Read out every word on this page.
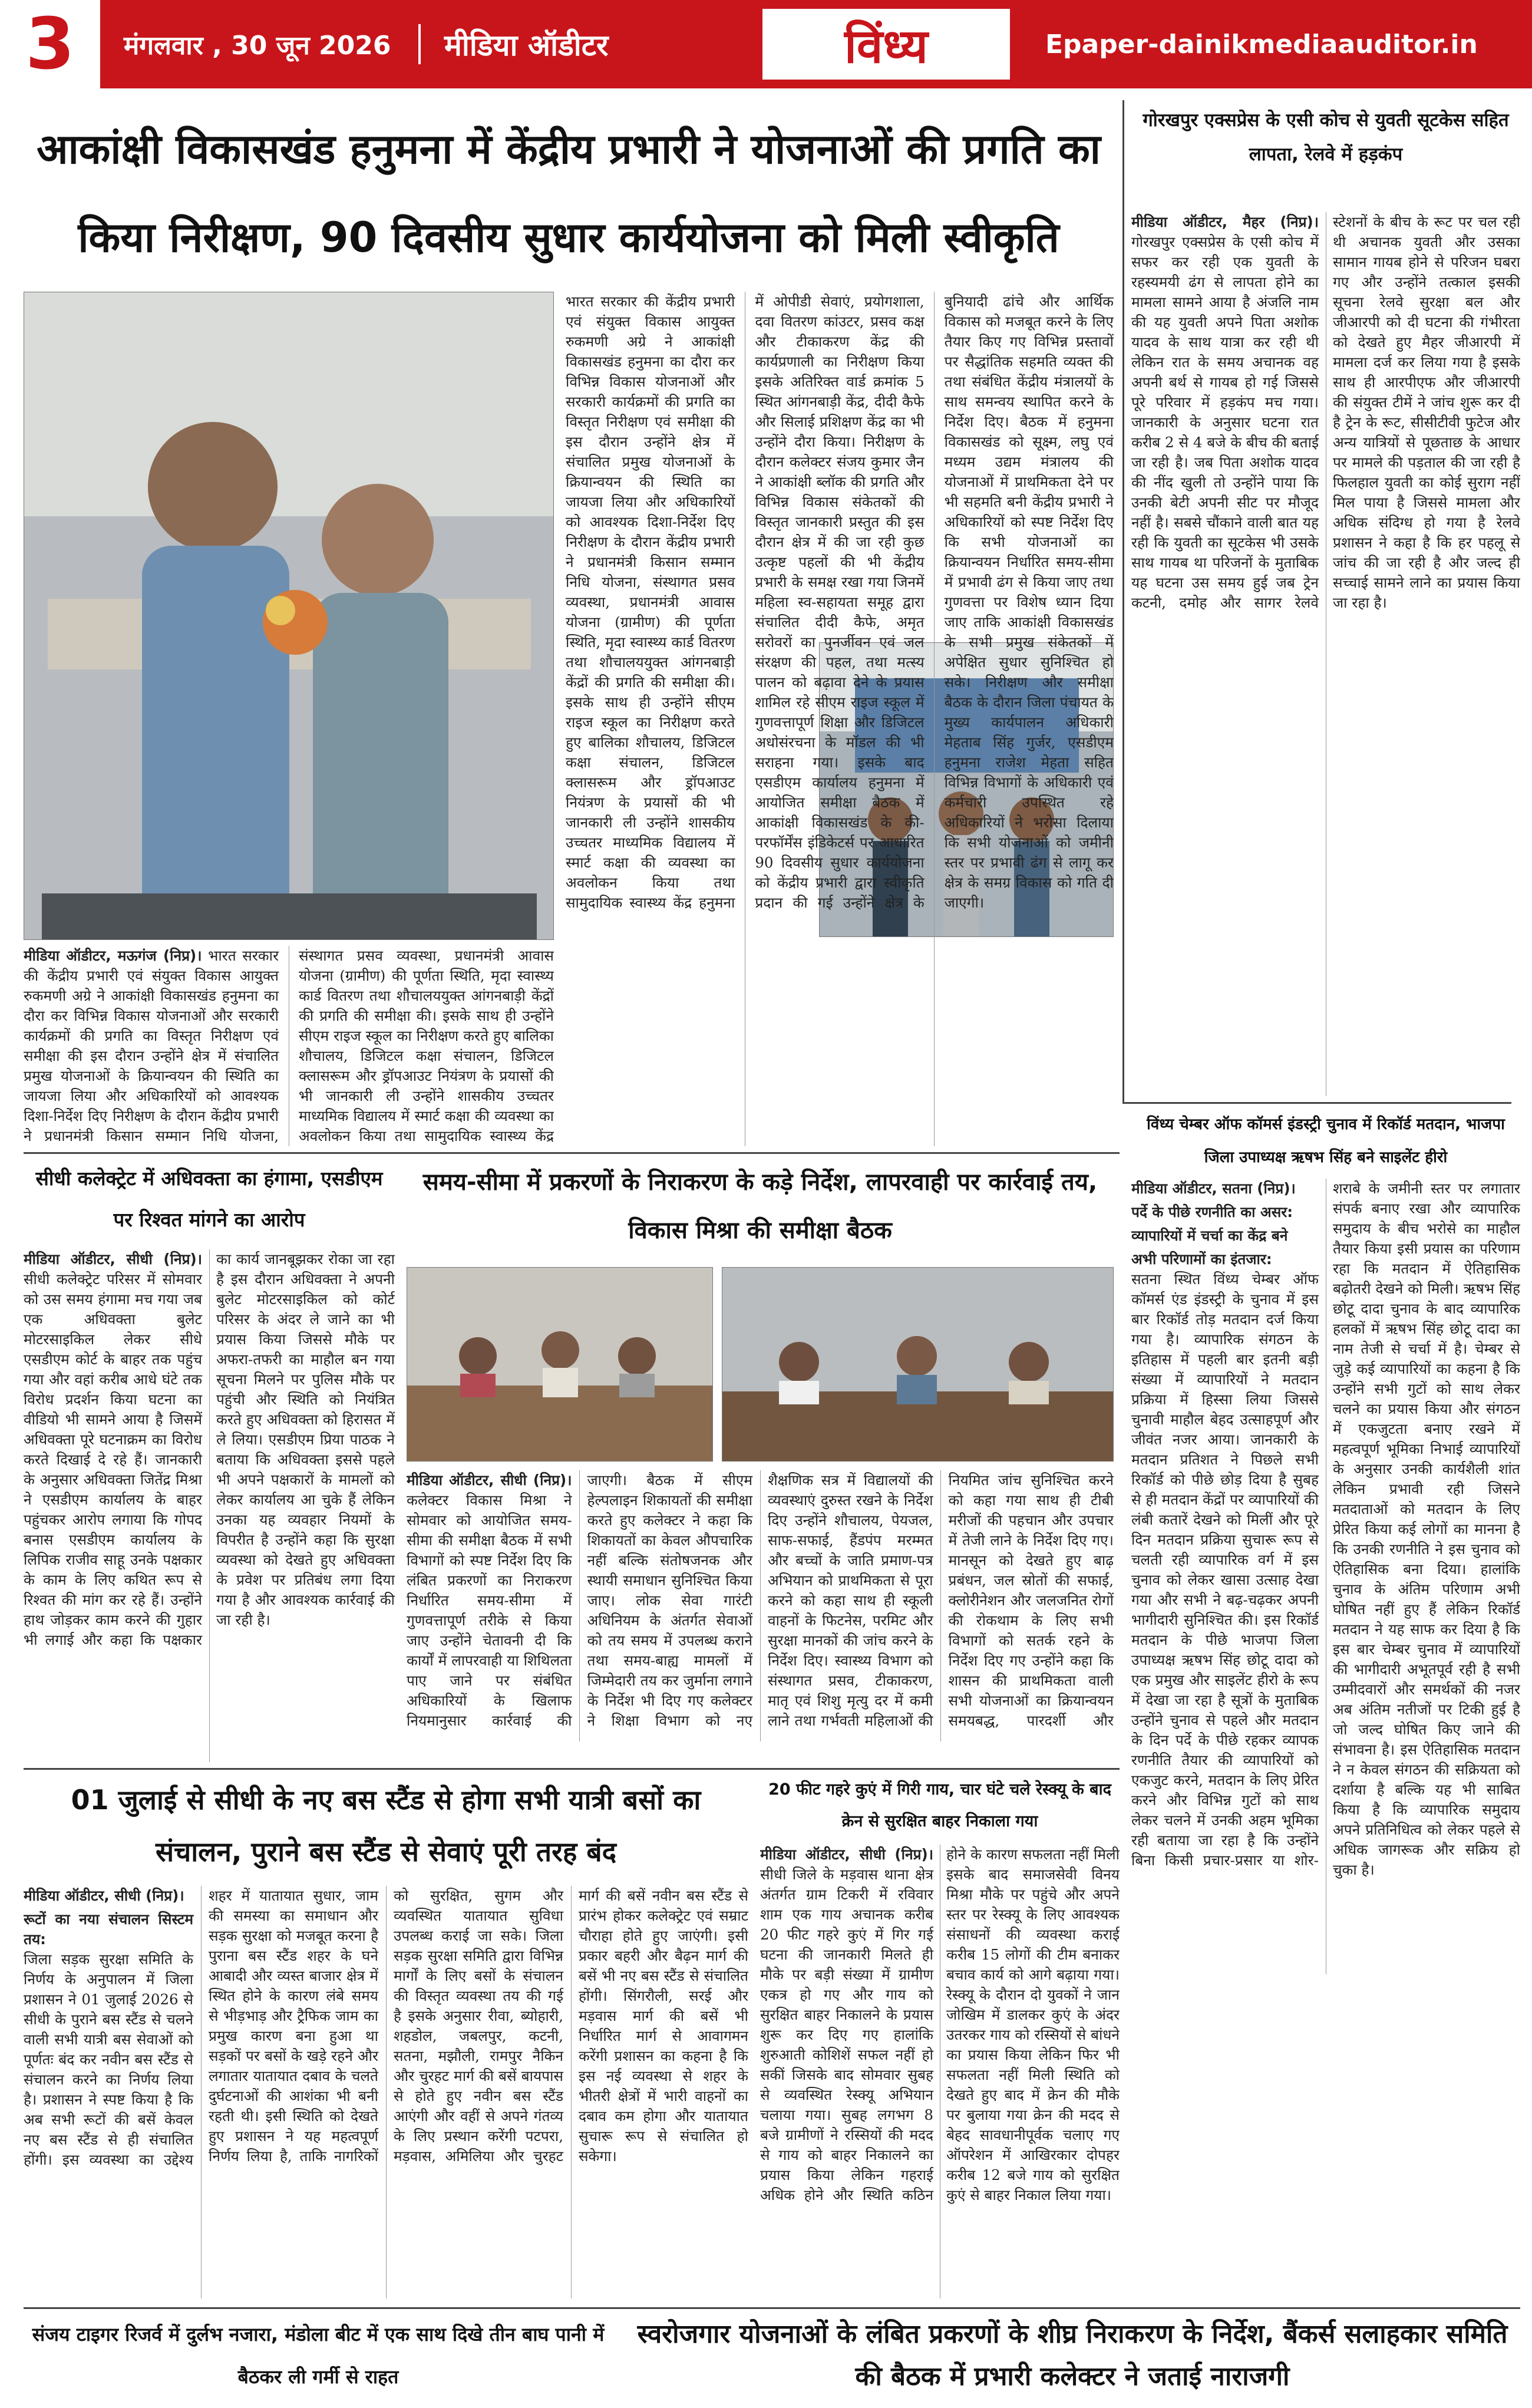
3	मंगलवार , 30 जून 2026	मीडिया ऑडीटर	विंध्य	Epaper-dainikmediaauditor.in
आकांक्षी विकासखंड हनुमना में केंद्रीय प्रभारी ने योजनाओं की प्रगति का किया निरीक्षण, 90 दिवसीय सुधार कार्ययोजना को मिली स्वीकृति
मीडिया ऑडीटर, मऊगंज (निप्र)। भारत सरकार की केंद्रीय प्रभारी एवं संयुक्त विकास आयुक्त रुकमणी अग्रे ने आकांक्षी विकासखंड हनुमना का दौरा कर विभिन्न विकास योजनाओं और सरकारी कार्यक्रमों की प्रगति का विस्तृत निरीक्षण एवं समीक्षा की इस दौरान उन्होंने क्षेत्र में संचालित प्रमुख योजनाओं के क्रियान्वयन की स्थिति का जायजा लिया और अधिकारियों को आवश्यक दिशा-निर्देश दिए निरीक्षण के दौरान केंद्रीय प्रभारी ने प्रधानमंत्री किसान सम्मान निधि योजना, संस्थागत प्रसव व्यवस्था, प्रधानमंत्री आवास योजना (ग्रामीण) की पूर्णता स्थिति, मृदा स्वास्थ्य कार्ड वितरण तथा शौचालययुक्त आंगनबाड़ी केंद्रों की प्रगति की समीक्षा की। इसके साथ ही उन्होंने सीएम राइज स्कूल का निरीक्षण करते हुए बालिका शौचालय, डिजिटल कक्षा संचालन, डिजिटल क्लासरूम और ड्रॉपआउट नियंत्रण के प्रयासों की भी जानकारी ली उन्होंने शासकीय उच्चतर माध्यमिक विद्यालय में स्मार्ट कक्षा की व्यवस्था का अवलोकन किया तथा सामुदायिक स्वास्थ्य केंद्र
भारत सरकार की केंद्रीय प्रभारी एवं संयुक्त विकास आयुक्त रुकमणी अग्रे ने आकांक्षी विकासखंड हनुमना का दौरा कर विभिन्न विकास योजनाओं और सरकारी कार्यक्रमों की प्रगति का विस्तृत निरीक्षण एवं समीक्षा की इस दौरान उन्होंने क्षेत्र में संचालित प्रमुख योजनाओं के क्रियान्वयन की स्थिति का जायजा लिया और अधिकारियों को आवश्यक दिशा-निर्देश दिए निरीक्षण के दौरान केंद्रीय प्रभारी ने प्रधानमंत्री किसान सम्मान निधि योजना, संस्थागत प्रसव व्यवस्था, प्रधानमंत्री आवास योजना (ग्रामीण) की पूर्णता स्थिति, मृदा स्वास्थ्य कार्ड वितरण तथा शौचालययुक्त आंगनबाड़ी केंद्रों की प्रगति की समीक्षा की। इसके साथ ही उन्होंने सीएम राइज स्कूल का निरीक्षण करते हुए बालिका शौचालय, डिजिटल कक्षा संचालन, डिजिटल क्लासरूम और ड्रॉपआउट नियंत्रण के प्रयासों की भी जानकारी ली उन्होंने शासकीय उच्चतर माध्यमिक विद्यालय में स्मार्ट कक्षा की व्यवस्था का अवलोकन किया तथा सामुदायिक स्वास्थ्य केंद्र हनुमना में ओपीडी सेवाएं, प्रयोगशाला, दवा वितरण कांउटर, प्रसव कक्ष और टीकाकरण केंद्र की कार्यप्रणाली का निरीक्षण किया इसके अतिरिक्त वार्ड क्रमांक 5 स्थित आंगनबाड़ी केंद्र, दीदी कैफे और सिलाई प्रशिक्षण केंद्र का भी उन्होंने दौरा किया। निरीक्षण के दौरान कलेक्टर संजय कुमार जैन ने आकांक्षी ब्लॉक की प्रगति और विभिन्न विकास संकेतकों की विस्तृत जानकारी प्रस्तुत की इस दौरान क्षेत्र में की जा रही कुछ उत्कृष्ट पहलों की भी केंद्रीय प्रभारी के समक्ष रखा गया जिनमें महिला स्व-सहायता समूह द्वारा संचालित दीदी कैफे, अमृत सरोवरों का पुनर्जीवन एवं जल संरक्षण की पहल, तथा मत्स्य पालन को बढ़ावा देने के प्रयास शामिल रहे सीएम राइज स्कूल में गुणवत्तापूर्ण शिक्षा और डिजिटल अधोसंरचना के मॉडल की भी सराहना गया। इसके बाद एसडीएम कार्यालय हनुमना में आयोजित समीक्षा बैठक में आकांक्षी विकासखंड के की-परफॉर्मेंस इंडिकेटर्स पर आधारित 90 दिवसीय सुधार कार्ययोजना को केंद्रीय प्रभारी द्वारा स्वीकृति प्रदान की गई उन्होंने क्षेत्र के बुनियादी ढांचे और आर्थिक विकास को मजबूत करने के लिए तैयार किए गए विभिन्न प्रस्तावों पर सैद्धांतिक सहमति व्यक्त की तथा संबंधित केंद्रीय मंत्रालयों के साथ समन्वय स्थापित करने के निर्देश दिए। बैठक में हनुमना विकासखंड को सूक्ष्म, लघु एवं मध्यम उद्यम मंत्रालय की योजनाओं में प्राथमिकता देने पर भी सहमति बनी केंद्रीय प्रभारी ने अधिकारियों को स्पष्ट निर्देश दिए कि सभी योजनाओं का क्रियान्वयन निर्धारित समय-सीमा में प्रभावी ढंग से किया जाए तथा गुणवत्ता पर विशेष ध्यान दिया जाए ताकि आकांक्षी विकासखंड के सभी प्रमुख संकेतकों में अपेक्षित सुधार सुनिश्चित हो सके। निरीक्षण और समीक्षा बैठक के दौरान जिला पंचायत के मुख्य कार्यपालन अधिकारी मेहताब सिंह गुर्जर, एसडीएम हनुमना राजेश मेहता सहित विभिन्न विभागों के अधिकारी एवं कर्मचारी उपस्थित रहे अधिकारियों ने भरोसा दिलाया कि सभी योजनाओं को जमीनी स्तर पर प्रभावी ढंग से लागू कर क्षेत्र के समग्र विकास को गति दी जाएगी।
गोरखपुर एक्सप्रेस के एसी कोच से युवती सूटकेस सहित लापता, रेलवे में हड़कंप
मीडिया ऑडीटर, मैहर (निप्र)। गोरखपुर एक्सप्रेस के एसी कोच में सफर कर रही एक युवती के रहस्यमयी ढंग से लापता होने का मामला सामने आया है अंजलि नाम की यह युवती अपने पिता अशोक यादव के साथ यात्रा कर रही थी लेकिन रात के समय अचानक वह अपनी बर्थ से गायब हो गई जिससे पूरे परिवार में हड़कंप मच गया। जानकारी के अनुसार घटना रात करीब 2 से 4 बजे के बीच की बताई जा रही है। जब पिता अशोक यादव की नींद खुली तो उन्होंने पाया कि उनकी बेटी अपनी सीट पर मौजूद नहीं है। सबसे चौंकाने वाली बात यह रही कि युवती का सूटकेस भी उसके साथ गायब था परिजनों के मुताबिक यह घटना उस समय हुई जब ट्रेन कटनी, दमोह और सागर रेलवे स्टेशनों के बीच के रूट पर चल रही थी अचानक युवती और उसका सामान गायब होने से परिजन घबरा गए और उन्होंने तत्काल इसकी सूचना रेलवे सुरक्षा बल और जीआरपी को दी घटना की गंभीरता को देखते हुए मैहर जीआरपी में मामला दर्ज कर लिया गया है इसके साथ ही आरपीएफ और जीआरपी की संयुक्त टीमें ने जांच शुरू कर दी है ट्रेन के रूट, सीसीटीवी फुटेज और अन्य यात्रियों से पूछताछ के आधार पर मामले की पड़ताल की जा रही है फिलहाल युवती का कोई सुराग नहीं मिल पाया है जिससे मामला और अधिक संदिग्ध हो गया है रेलवे प्रशासन ने कहा है कि हर पहलू से जांच की जा रही है और जल्द ही सच्चाई सामने लाने का प्रयास किया जा रहा है।
सीधी कलेक्ट्रेट में अधिवक्ता का हंगामा, एसडीएम पर रिश्वत मांगने का आरोप
मीडिया ऑडीटर, सीधी (निप्र)। सीधी कलेक्ट्रेट परिसर में सोमवार को उस समय हंगामा मच गया जब एक अधिवक्ता बुलेट मोटरसाइकिल लेकर सीधे एसडीएम कोर्ट के बाहर तक पहुंच गया और वहां करीब आधे घंटे तक विरोध प्रदर्शन किया घटना का वीडियो भी सामने आया है जिसमें अधिवक्ता पूरे घटनाक्रम का विरोध करते दिखाई दे रहे हैं। जानकारी के अनुसार अधिवक्ता जितेंद्र मिश्रा ने एसडीएम कार्यालय के बाहर पहुंचकर आरोप लगाया कि गोपद बनास एसडीएम कार्यालय के लिपिक राजीव साहू उनके पक्षकार के काम के लिए कथित रूप से रिश्वत की मांग कर रहे हैं। उन्होंने हाथ जोड़कर काम करने की गुहार भी लगाई और कहा कि पक्षकार का कार्य जानबूझकर रोका जा रहा है इस दौरान अधिवक्ता ने अपनी बुलेट मोटरसाइकिल को कोर्ट परिसर के अंदर ले जाने का भी प्रयास किया जिससे मौके पर अफरा-तफरी का माहौल बन गया सूचना मिलने पर पुलिस मौके पर पहुंची और स्थिति को नियंत्रित करते हुए अधिवक्ता को हिरासत में ले लिया। एसडीएम प्रिया पाठक ने बताया कि अधिवक्ता इससे पहले भी अपने पक्षकारों के मामलों को लेकर कार्यालय आ चुके हैं लेकिन उनका यह व्यवहार नियमों के विपरीत है उन्होंने कहा कि सुरक्षा व्यवस्था को देखते हुए अधिवक्ता के प्रवेश पर प्रतिबंध लगा दिया गया है और आवश्यक कार्रवाई की जा रही है।
समय-सीमा में प्रकरणों के निराकरण के कड़े निर्देश, लापरवाही पर कार्रवाई तय, विकास मिश्रा की समीक्षा बैठक
मीडिया ऑडीटर, सीधी (निप्र)। कलेक्टर विकास मिश्रा ने सोमवार को आयोजित समय-सीमा की समीक्षा बैठक में सभी विभागों को स्पष्ट निर्देश दिए कि लंबित प्रकरणों का निराकरण निर्धारित समय-सीमा में गुणवत्तापूर्ण तरीके से किया जाए उन्होंने चेतावनी दी कि कार्यों में लापरवाही या शिथिलता पाए जाने पर संबंधित अधिकारियों के खिलाफ नियमानुसार कार्रवाई की जाएगी। बैठक में सीएम हेल्पलाइन शिकायतों की समीक्षा करते हुए कलेक्टर ने कहा कि शिकायतों का केवल औपचारिक नहीं बल्कि संतोषजनक और स्थायी समाधान सुनिश्चित किया जाए। लोक सेवा गारंटी अधिनियम के अंतर्गत सेवाओं को तय समय में उपलब्ध कराने तथा समय-बाह्य मामलों में जिम्मेदारी तय कर जुर्माना लगाने के निर्देश भी दिए गए कलेक्टर ने शिक्षा विभाग को नए शैक्षणिक सत्र में विद्यालयों की व्यवस्थाएं दुरुस्त रखने के निर्देश दिए उन्होंने शौचालय, पेयजल, साफ-सफाई, हैंडपंप मरम्मत और बच्चों के जाति प्रमाण-पत्र अभियान को प्राथमिकता से पूरा करने को कहा साथ ही स्कूली वाहनों के फिटनेस, परमिट और सुरक्षा मानकों की जांच करने के निर्देश दिए। स्वास्थ्य विभाग को संस्थागत प्रसव, टीकाकरण, मातृ एवं शिशु मृत्यु दर में कमी लाने तथा गर्भवती महिलाओं की नियमित जांच सुनिश्चित करने को कहा गया साथ ही टीबी मरीजों की पहचान और उपचार में तेजी लाने के निर्देश दिए गए। मानसून को देखते हुए बाढ़ प्रबंधन, जल स्रोतों की सफाई, क्लोरीनेशन और जलजनित रोगों की रोकथाम के लिए सभी विभागों को सतर्क रहने के निर्देश दिए गए उन्होंने कहा कि शासन की प्राथमिकता वाली सभी योजनाओं का क्रियान्वयन समयबद्ध, पारदर्शी और
विंध्य चेम्बर ऑफ कॉमर्स इंडस्ट्री चुनाव में रिकॉर्ड मतदान, भाजपा जिला उपाध्यक्ष ऋषभ सिंह बने साइलेंट हीरो
मीडिया ऑडीटर, सतना (निप्र)।
पर्दे के पीछे रणनीति का असर:
व्यापारियों में चर्चा का केंद्र बने
अभी परिणामों का इंतजार:
सतना स्थित विंध्य चेम्बर ऑफ कॉमर्स एंड इंडस्ट्री के चुनाव में इस बार रिकॉर्ड तोड़ मतदान दर्ज किया गया है। व्यापारिक संगठन के इतिहास में पहली बार इतनी बड़ी संख्या में व्यापारियों ने मतदान प्रक्रिया में हिस्सा लिया जिससे चुनावी माहौल बेहद उत्साहपूर्ण और जीवंत नजर आया। जानकारी के मतदान प्रतिशत ने पिछले सभी रिकॉर्ड को पीछे छोड़ दिया है सुबह से ही मतदान केंद्रों पर व्यापारियों की लंबी कतारें देखने को मिलीं और पूरे दिन मतदान प्रक्रिया सुचारू रूप से चलती रही व्यापारिक वर्ग में इस चुनाव को लेकर खासा उत्साह देखा गया और सभी ने बढ़-चढ़कर अपनी भागीदारी सुनिश्चित की। इस रिकॉर्ड मतदान के पीछे भाजपा जिला उपाध्यक्ष ऋषभ सिंह छोटू दादा को एक प्रमुख और साइलेंट हीरो के रूप में देखा जा रहा है सूत्रों के मुताबिक उन्होंने चुनाव से पहले और मतदान के दिन पर्दे के पीछे रहकर व्यापक रणनीति तैयार की व्यापारियों को एकजुट करने, मतदान के लिए प्रेरित करने और विभिन्न गुटों को साथ लेकर चलने में उनकी अहम भूमिका रही बताया जा रहा है कि उन्होंने बिना किसी प्रचार-प्रसार या शोर-शराबे के जमीनी स्तर पर लगातार संपर्क बनाए रखा और व्यापारिक समुदाय के बीच भरोसे का माहौल तैयार किया इसी प्रयास का परिणाम रहा कि मतदान में ऐतिहासिक बढ़ोतरी देखने को मिली। ऋषभ सिंह छोटू दादा चुनाव के बाद व्यापारिक हलकों में ऋषभ सिंह छोटू दादा का नाम तेजी से चर्चा में है। चेम्बर से जुड़े कई व्यापारियों का कहना है कि उन्होंने सभी गुटों को साथ लेकर चलने का प्रयास किया और संगठन में एकजुटता बनाए रखने में महत्वपूर्ण भूमिका निभाई व्यापारियों के अनुसार उनकी कार्यशैली शांत लेकिन प्रभावी रही जिसने मतदाताओं को मतदान के लिए प्रेरित किया कई लोगों का मानना है कि उनकी रणनीति ने इस चुनाव को ऐतिहासिक बना दिया। हालांकि चुनाव के अंतिम परिणाम अभी घोषित नहीं हुए हैं लेकिन रिकॉर्ड मतदान ने यह साफ कर दिया है कि इस बार चेम्बर चुनाव में व्यापारियों की भागीदारी अभूतपूर्व रही है सभी उम्मीदवारों और समर्थकों की नजर अब अंतिम नतीजों पर टिकी हुई है जो जल्द घोषित किए जाने की संभावना है। इस ऐतिहासिक मतदान ने न केवल संगठन की सक्रियता को दर्शाया है बल्कि यह भी साबित किया है कि व्यापारिक समुदाय अपने प्रतिनिधित्व को लेकर पहले से अधिक जागरूक और सक्रिय हो चुका है।
01 जुलाई से सीधी के नए बस स्टैंड से होगा सभी यात्री बसों का संचालन, पुराने बस स्टैंड से सेवाएं पूरी तरह बंद
मीडिया ऑडीटर, सीधी (निप्र)।
रूटों का नया संचालन सिस्टम तय:
जिला सड़क सुरक्षा समिति के निर्णय के अनुपालन में जिला प्रशासन ने 01 जुलाई 2026 से सीधी के पुराने बस स्टैंड से चलने वाली सभी यात्री बस सेवाओं को पूर्णतः बंद कर नवीन बस स्टैंड से संचालन करने का निर्णय लिया है। प्रशासन ने स्पष्ट किया है कि अब सभी रूटों की बसें केवल नए बस स्टैंड से ही संचालित होंगी। इस व्यवस्था का उद्देश्य शहर में यातायात सुधार, जाम की समस्या का समाधान और सड़क सुरक्षा को मजबूत करना है पुराना बस स्टैंड शहर के घने आबादी और व्यस्त बाजार क्षेत्र में स्थित होने के कारण लंबे समय से भीड़भाड़ और ट्रैफिक जाम का प्रमुख कारण बना हुआ था सड़कों पर बसों के खड़े रहने और लगातार यातायात दबाव के चलते दुर्घटनाओं की आशंका भी बनी रहती थी। इसी स्थिति को देखते हुए प्रशासन ने यह महत्वपूर्ण निर्णय लिया है, ताकि नागरिकों को सुरक्षित, सुगम और व्यवस्थित यातायात सुविधा उपलब्ध कराई जा सके। जिला सड़क सुरक्षा समिति द्वारा विभिन्न मार्गों के लिए बसों के संचालन की विस्तृत व्यवस्था तय की गई है इसके अनुसार रीवा, ब्योहारी, शहडोल, जबलपुर, कटनी, सतना, मझौली, रामपुर नैकिन और चुरहट मार्ग की बसें बायपास से होते हुए नवीन बस स्टैंड आएंगी और वहीं से अपने गंतव्य के लिए प्रस्थान करेंगी पटपरा, मड़वास, अमिलिया और चुरहट मार्ग की बसें नवीन बस स्टैंड से प्रारंभ होकर कलेक्ट्रेट एवं सम्राट चौराहा होते हुए जाएंगी। इसी प्रकार बहरी और बैढ़न मार्ग की बसें भी नए बस स्टैंड से संचालित होंगी। सिंगरौली, सरई और मड़वास मार्ग की बसें भी निर्धारित मार्ग से आवागमन करेंगी प्रशासन का कहना है कि इस नई व्यवस्था से शहर के भीतरी क्षेत्रों में भारी वाहनों का दबाव कम होगा और यातायात सुचारू रूप से संचालित हो सकेगा।
20 फीट गहरे कुएं में गिरी गाय, चार घंटे चले रेस्क्यू के बाद क्रेन से सुरक्षित बाहर निकाला गया
मीडिया ऑडीटर, सीधी (निप्र)। सीधी जिले के मड़वास थाना क्षेत्र अंतर्गत ग्राम टिकरी में रविवार शाम एक गाय अचानक करीब 20 फीट गहरे कुएं में गिर गई घटना की जानकारी मिलते ही मौके पर बड़ी संख्या में ग्रामीण एकत्र हो गए और गाय को सुरक्षित बाहर निकालने के प्रयास शुरू कर दिए गए हालांकि शुरुआती कोशिशें सफल नहीं हो सकीं जिसके बाद सोमवार सुबह से व्यवस्थित रेस्क्यू अभियान चलाया गया। सुबह लगभग 8 बजे ग्रामीणों ने रस्सियों की मदद से गाय को बाहर निकालने का प्रयास किया लेकिन गहराई अधिक होने और स्थिति कठिन होने के कारण सफलता नहीं मिली इसके बाद समाजसेवी विनय मिश्रा मौके पर पहुंचे और अपने स्तर पर रेस्क्यू के लिए आवश्यक संसाधनों की व्यवस्था कराई करीब 15 लोगों की टीम बनाकर बचाव कार्य को आगे बढ़ाया गया। रेस्क्यू के दौरान दो युवकों ने जान जोखिम में डालकर कुएं के अंदर उतरकर गाय को रस्सियों से बांधने का प्रयास किया लेकिन फिर भी सफलता नहीं मिली स्थिति को देखते हुए बाद में क्रेन की मौके पर बुलाया गया क्रेन की मदद से बेहद सावधानीपूर्वक चलाए गए ऑपरेशन में आखिरकार दोपहर करीब 12 बजे गाय को सुरक्षित कुएं से बाहर निकाल लिया गया।
संजय टाइगर रिजर्व में दुर्लभ नजारा, मंडोला बीट में एक साथ दिखे तीन बाघ पानी में बैठकर ली गर्मी से राहत
स्वरोजगार योजनाओं के लंबित प्रकरणों के शीघ्र निराकरण के निर्देश, बैंकर्स सलाहकार समिति की बैठक में प्रभारी कलेक्टर ने जताई नाराजगी
